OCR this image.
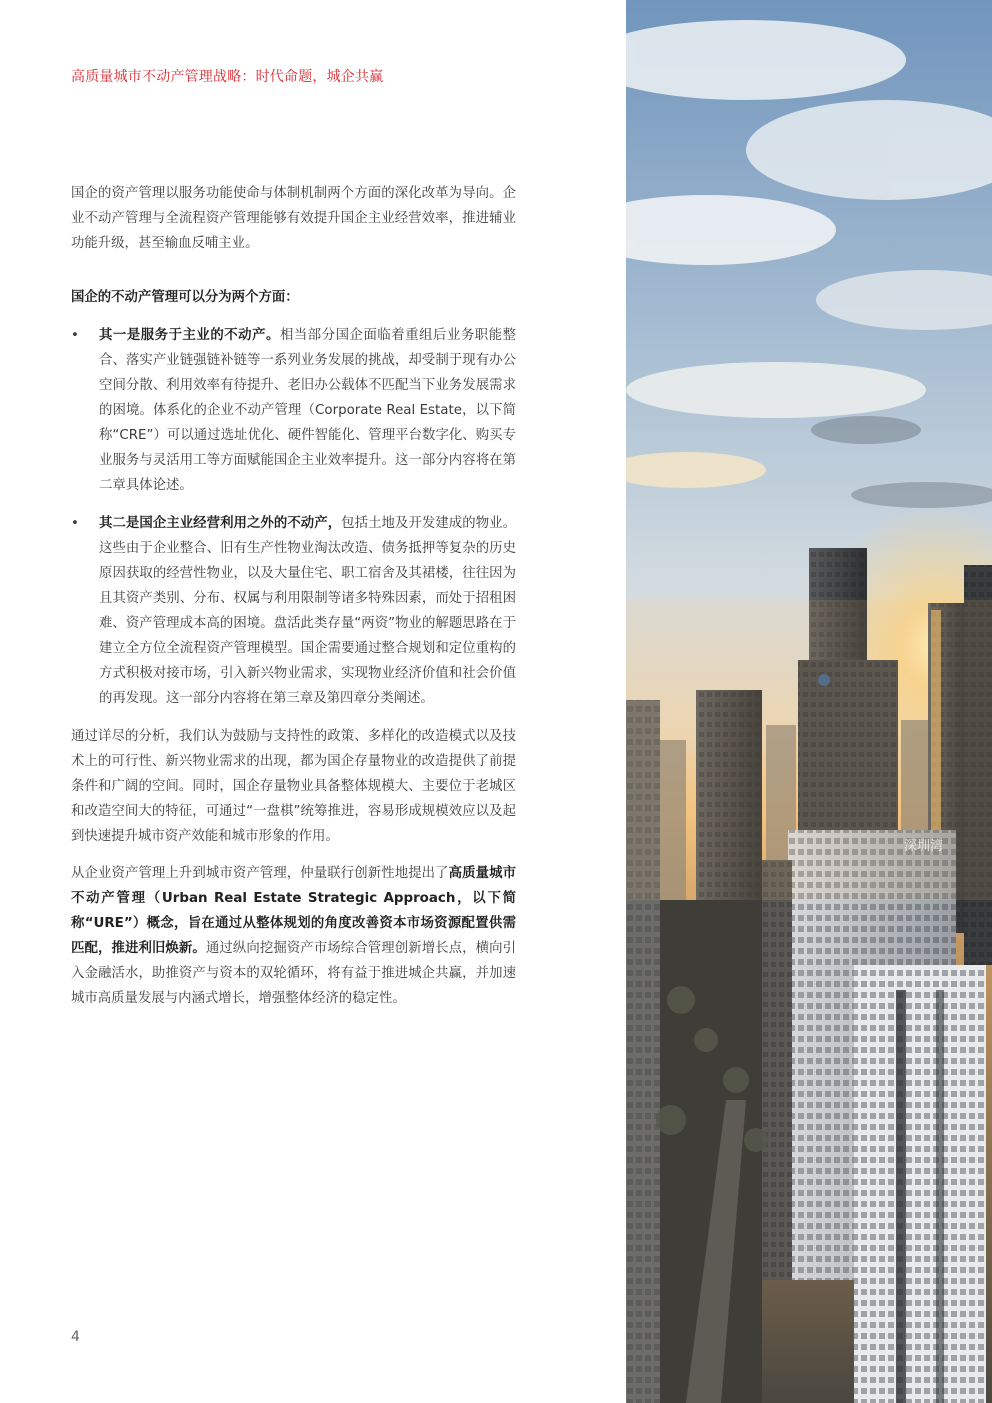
高质量城市不动产管理战略：时代命题，城企共赢

国企的资产管理以服务功能使命与体制机制两个方面的深化改革为导向。企业不动产管理与全流程资产管理能够有效提升国企主业经营效率，推进辅业功能升级，甚至输血反哺主业。

国企的不动产管理可以分为两个方面：

• 其一是服务于主业的不动产。相当部分国企面临着重组后业务职能整合、落实产业链强链补链等一系列业务发展的挑战，却受制于现有办公空间分散、利用效率有待提升、老旧办公载体不匹配当下业务发展需求的困境。体系化的企业不动产管理（Corporate Real Estate，以下简称“CRE”）可以通过选址优化、硬件智能化、管理平台数字化、购买专业服务与灵活用工等方面赋能国企主业效率提升。这一部分内容将在第二章具体论述。
• 其二是国企主业经营利用之外的不动产，包括土地及开发建成的物业。这些由于企业整合、旧有生产性物业淘汰改造、债务抵押等复杂的历史原因获取的经营性物业，以及大量住宅、职工宿舍及其裙楼，往往因为且其资产类别、分布、权属与利用限制等诸多特殊因素，而处于招租困难、资产管理成本高的困境。盘活此类存量“两资”物业的解题思路在于建立全方位全流程资产管理模型。国企需要通过整合规划和定位重构的方式积极对接市场，引入新兴物业需求，实现物业经济价值和社会价值的再发现。这一部分内容将在第三章及第四章分类阐述。

通过详尽的分析，我们认为鼓励与支持性的政策、多样化的改造模式以及技术上的可行性、新兴物业需求的出现，都为国企存量物业的改造提供了前提条件和广阔的空间。同时，国企存量物业具备整体规模大、主要位于老城区和改造空间大的特征，可通过“一盘棋”统筹推进，容易形成规模效应以及起到快速提升城市资产效能和城市形象的作用。

从企业资产管理上升到城市资产管理，仲量联行创新性地提出了高质量城市不动产管理（Urban Real Estate Strategic Approach，以下简称“URE”）概念，旨在通过从整体规划的角度改善资本市场资源配置供需匹配，推进利旧焕新。通过纵向挖掘资产市场综合管理创新增长点，横向引入金融活水，助推资产与资本的双轮循环，将有益于推进城企共赢，并加速城市高质量发展与内涵式增长，增强整体经济的稳定性。

4
深圳湾
